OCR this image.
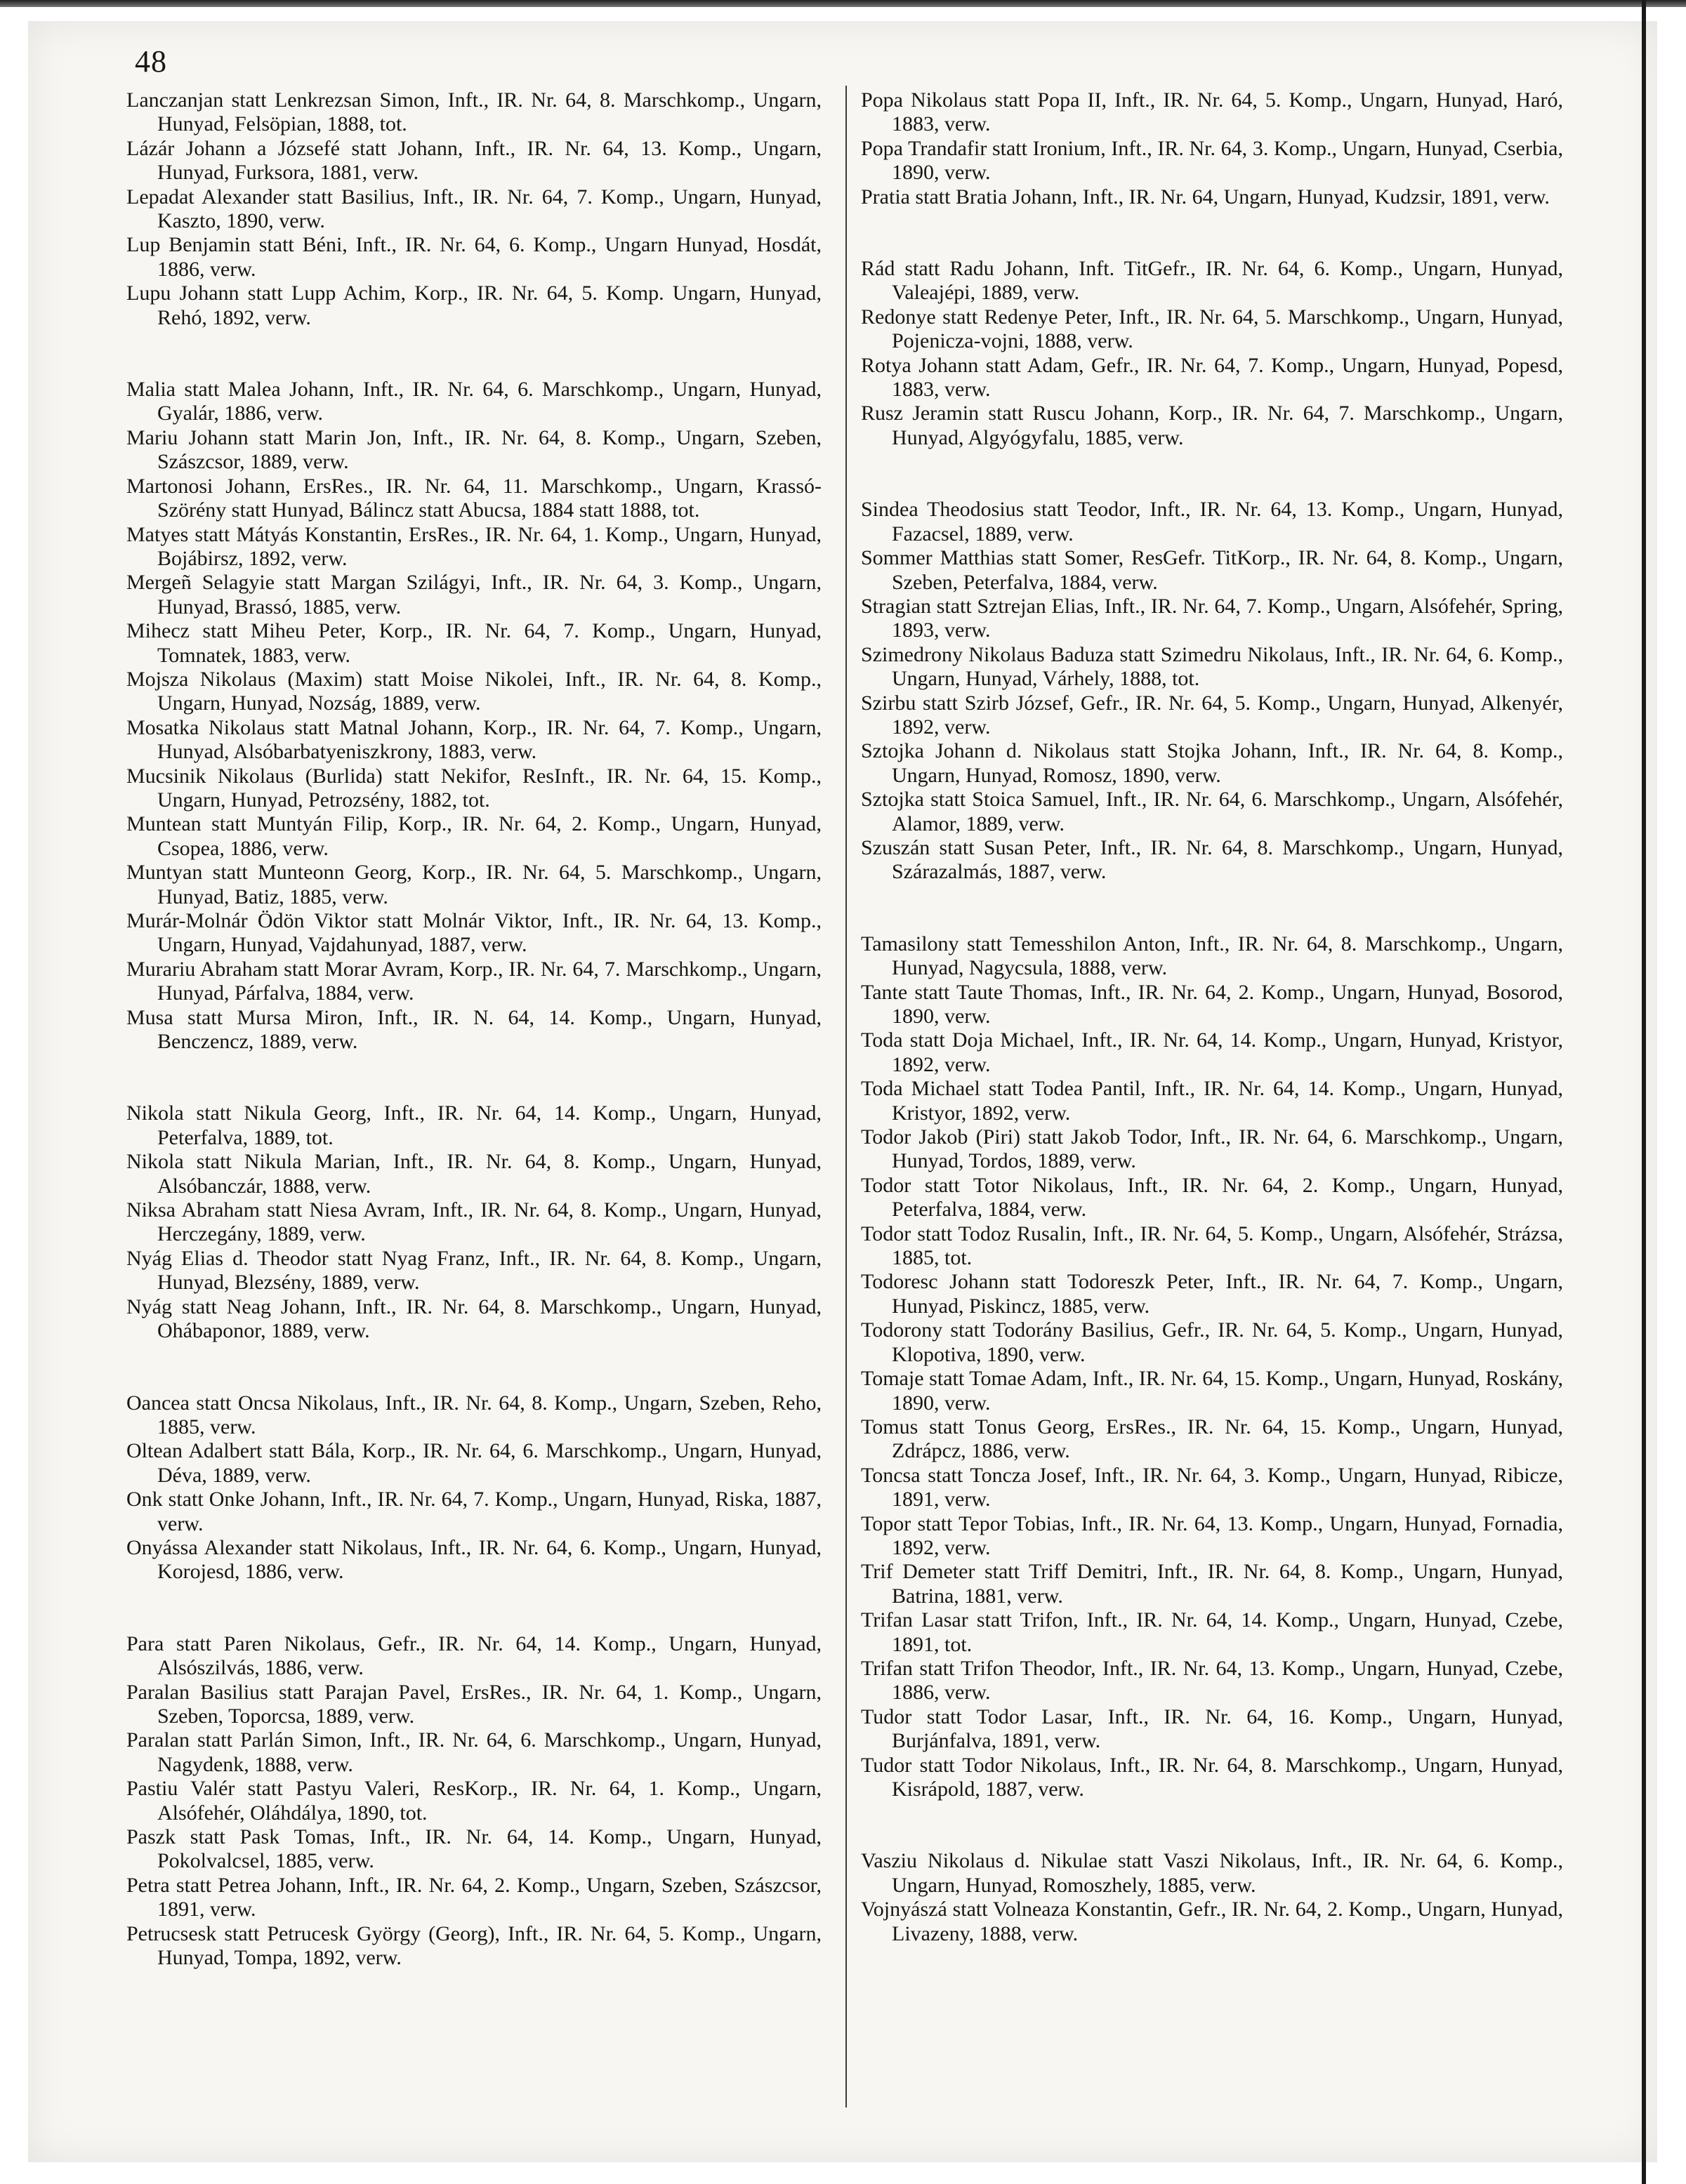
48

Lanczanjan statt Lenkrezsan Simon, Inft., IR. Nr. 64, 8. Marschkomp., Ungarn, Hunyad, Felsöpian, 1888, tot.

Lázár Johann a Józsefé statt Johann, Inft., IR. Nr. 64, 13. Komp., Ungarn, Hunyad, Furksora, 1881, verw.

Lepadat Alexander statt Basilius, Inft., IR. Nr. 64, 7. Komp., Ungarn, Hunyad, Kaszto, 1890, verw.

Lup Benjamin statt Béni, Inft., IR. Nr. 64, 6. Komp., Ungarn Hunyad, Hosdát, 1886, verw.

Lupu Johann statt Lupp Achim, Korp., IR. Nr. 64, 5. Komp. Ungarn, Hunyad, Rehó, 1892, verw.

Malia statt Malea Johann, Inft., IR. Nr. 64, 6. Marschkomp., Ungarn, Hunyad, Gyalár, 1886, verw.

Mariu Johann statt Marin Jon, Inft., IR. Nr. 64, 8. Komp., Ungarn, Szeben, Szászcsor, 1889, verw.

Martonosi Johann, ErsRes., IR. Nr. 64, 11. Marschkomp., Ungarn, Krassó-Szörény statt Hunyad, Bálincz statt Abucsa, 1884 statt 1888, tot.

Matyes statt Mátyás Konstantin, ErsRes., IR. Nr. 64, 1. Komp., Ungarn, Hunyad, Bojábirsz, 1892, verw.

Mergeñ Selagyie statt Margan Szilágyi, Inft., IR. Nr. 64, 3. Komp., Ungarn, Hunyad, Brassó, 1885, verw.

Mihecz statt Miheu Peter, Korp., IR. Nr. 64, 7. Komp., Ungarn, Hunyad, Tomnatek, 1883, verw.

Mojsza Nikolaus (Maxim) statt Moise Nikolei, Inft., IR. Nr. 64, 8. Komp., Ungarn, Hunyad, Nozság, 1889, verw.

Mosatka Nikolaus statt Matnal Johann, Korp., IR. Nr. 64, 7. Komp., Ungarn, Hunyad, Alsóbarbatyeniszkrony, 1883, verw.

Mucsinik Nikolaus (Burlida) statt Nekifor, ResInft., IR. Nr. 64, 15. Komp., Ungarn, Hunyad, Petrozsény, 1882, tot.

Muntean statt Muntyán Filip, Korp., IR. Nr. 64, 2. Komp., Ungarn, Hunyad, Csopea, 1886, verw.

Muntyan statt Munteonn Georg, Korp., IR. Nr. 64, 5. Marschkomp., Ungarn, Hunyad, Batiz, 1885, verw.

Murár-Molnár Ödön Viktor statt Molnár Viktor, Inft., IR. Nr. 64, 13. Komp., Ungarn, Hunyad, Vajdahunyad, 1887, verw.

Murariu Abraham statt Morar Avram, Korp., IR. Nr. 64, 7. Marschkomp., Ungarn, Hunyad, Párfalva, 1884, verw.

Musa statt Mursa Miron, Inft., IR. N. 64, 14. Komp., Ungarn, Hunyad, Benczencz, 1889, verw.

Nikola statt Nikula Georg, Inft., IR. Nr. 64, 14. Komp., Ungarn, Hunyad, Peterfalva, 1889, tot.

Nikola statt Nikula Marian, Inft., IR. Nr. 64, 8. Komp., Ungarn, Hunyad, Alsóbanczár, 1888, verw.

Niksa Abraham statt Niesa Avram, Inft., IR. Nr. 64, 8. Komp., Ungarn, Hunyad, Herczegány, 1889, verw.

Nyág Elias d. Theodor statt Nyag Franz, Inft., IR. Nr. 64, 8. Komp., Ungarn, Hunyad, Blezsény, 1889, verw.

Nyág statt Neag Johann, Inft., IR. Nr. 64, 8. Marschkomp., Ungarn, Hunyad, Ohábaponor, 1889, verw.

Oancea statt Oncsa Nikolaus, Inft., IR. Nr. 64, 8. Komp., Ungarn, Szeben, Reho, 1885, verw.

Oltean Adalbert statt Bála, Korp., IR. Nr. 64, 6. Marschkomp., Ungarn, Hunyad, Déva, 1889, verw.

Onk statt Onke Johann, Inft., IR. Nr. 64, 7. Komp., Ungarn, Hunyad, Riska, 1887, verw.

Onyássa Alexander statt Nikolaus, Inft., IR. Nr. 64, 6. Komp., Ungarn, Hunyad, Korojesd, 1886, verw.

Para statt Paren Nikolaus, Gefr., IR. Nr. 64, 14. Komp., Ungarn, Hunyad, Alsószilvás, 1886, verw.

Paralan Basilius statt Parajan Pavel, ErsRes., IR. Nr. 64, 1. Komp., Ungarn, Szeben, Toporcsa, 1889, verw.

Paralan statt Parlán Simon, Inft., IR. Nr. 64, 6. Marschkomp., Ungarn, Hunyad, Nagydenk, 1888, verw.

Pastiu Valér statt Pastyu Valeri, ResKorp., IR. Nr. 64, 1. Komp., Ungarn, Alsófehér, Oláhdálya, 1890, tot.

Paszk statt Pask Tomas, Inft., IR. Nr. 64, 14. Komp., Ungarn, Hunyad, Pokolvalcsel, 1885, verw.

Petra statt Petrea Johann, Inft., IR. Nr. 64, 2. Komp., Ungarn, Szeben, Szászcsor, 1891, verw.

Petrucsesk statt Petrucesk György (Georg), Inft., IR. Nr. 64, 5. Komp., Ungarn, Hunyad, Tompa, 1892, verw.

Popa Nikolaus statt Popa II, Inft., IR. Nr. 64, 5. Komp., Ungarn, Hunyad, Haró, 1883, verw.

Popa Trandafir statt Ironium, Inft., IR. Nr. 64, 3. Komp., Ungarn, Hunyad, Cserbia, 1890, verw.

Pratia statt Bratia Johann, Inft., IR. Nr. 64, Ungarn, Hunyad, Kudzsir, 1891, verw.

Rád statt Radu Johann, Inft. TitGefr., IR. Nr. 64, 6. Komp., Ungarn, Hunyad, Valeajépi, 1889, verw.

Redonye statt Redenye Peter, Inft., IR. Nr. 64, 5. Marschkomp., Ungarn, Hunyad, Pojenicza-vojni, 1888, verw.

Rotya Johann statt Adam, Gefr., IR. Nr. 64, 7. Komp., Ungarn, Hunyad, Popesd, 1883, verw.

Rusz Jeramin statt Ruscu Johann, Korp., IR. Nr. 64, 7. Marschkomp., Ungarn, Hunyad, Algyógyfalu, 1885, verw.

Sindea Theodosius statt Teodor, Inft., IR. Nr. 64, 13. Komp., Ungarn, Hunyad, Fazacsel, 1889, verw.

Sommer Matthias statt Somer, ResGefr. TitKorp., IR. Nr. 64, 8. Komp., Ungarn, Szeben, Peterfalva, 1884, verw.

Stragian statt Sztrejan Elias, Inft., IR. Nr. 64, 7. Komp., Ungarn, Alsófehér, Spring, 1893, verw.

Szimedrony Nikolaus Baduza statt Szimedru Nikolaus, Inft., IR. Nr. 64, 6. Komp., Ungarn, Hunyad, Várhely, 1888, tot.

Szirbu statt Szirb József, Gefr., IR. Nr. 64, 5. Komp., Ungarn, Hunyad, Alkenyér, 1892, verw.

Sztojka Johann d. Nikolaus statt Stojka Johann, Inft., IR. Nr. 64, 8. Komp., Ungarn, Hunyad, Romosz, 1890, verw.

Sztojka statt Stoica Samuel, Inft., IR. Nr. 64, 6. Marschkomp., Ungarn, Alsófehér, Alamor, 1889, verw.

Szuszán statt Susan Peter, Inft., IR. Nr. 64, 8. Marschkomp., Ungarn, Hunyad, Szárazalmás, 1887, verw.

Tamasilony statt Temesshilon Anton, Inft., IR. Nr. 64, 8. Marschkomp., Ungarn, Hunyad, Nagycsula, 1888, verw.

Tante statt Taute Thomas, Inft., IR. Nr. 64, 2. Komp., Ungarn, Hunyad, Bosorod, 1890, verw.

Toda statt Doja Michael, Inft., IR. Nr. 64, 14. Komp., Ungarn, Hunyad, Kristyor, 1892, verw.

Toda Michael statt Todea Pantil, Inft., IR. Nr. 64, 14. Komp., Ungarn, Hunyad, Kristyor, 1892, verw.

Todor Jakob (Piri) statt Jakob Todor, Inft., IR. Nr. 64, 6. Marschkomp., Ungarn, Hunyad, Tordos, 1889, verw.

Todor statt Totor Nikolaus, Inft., IR. Nr. 64, 2. Komp., Ungarn, Hunyad, Peterfalva, 1884, verw.

Todor statt Todoz Rusalin, Inft., IR. Nr. 64, 5. Komp., Ungarn, Alsófehér, Strázsa, 1885, tot.

Todoresc Johann statt Todoreszk Peter, Inft., IR. Nr. 64, 7. Komp., Ungarn, Hunyad, Piskincz, 1885, verw.

Todorony statt Todorány Basilius, Gefr., IR. Nr. 64, 5. Komp., Ungarn, Hunyad, Klopotiva, 1890, verw.

Tomaje statt Tomae Adam, Inft., IR. Nr. 64, 15. Komp., Ungarn, Hunyad, Roskány, 1890, verw.

Tomus statt Tonus Georg, ErsRes., IR. Nr. 64, 15. Komp., Ungarn, Hunyad, Zdrápcz, 1886, verw.

Toncsa statt Toncza Josef, Inft., IR. Nr. 64, 3. Komp., Ungarn, Hunyad, Ribicze, 1891, verw.

Topor statt Tepor Tobias, Inft., IR. Nr. 64, 13. Komp., Ungarn, Hunyad, Fornadia, 1892, verw.

Trif Demeter statt Triff Demitri, Inft., IR. Nr. 64, 8. Komp., Ungarn, Hunyad, Batrina, 1881, verw.

Trifan Lasar statt Trifon, Inft., IR. Nr. 64, 14. Komp., Ungarn, Hunyad, Czebe, 1891, tot.

Trifan statt Trifon Theodor, Inft., IR. Nr. 64, 13. Komp., Ungarn, Hunyad, Czebe, 1886, verw.

Tudor statt Todor Lasar, Inft., IR. Nr. 64, 16. Komp., Ungarn, Hunyad, Burjánfalva, 1891, verw.

Tudor statt Todor Nikolaus, Inft., IR. Nr. 64, 8. Marschkomp., Ungarn, Hunyad, Kisrápold, 1887, verw.

Vasziu Nikolaus d. Nikulae statt Vaszi Nikolaus, Inft., IR. Nr. 64, 6. Komp., Ungarn, Hunyad, Romoszhely, 1885, verw.

Vojnyászá statt Volneaza Konstantin, Gefr., IR. Nr. 64, 2. Komp., Ungarn, Hunyad, Livazeny, 1888, verw.
